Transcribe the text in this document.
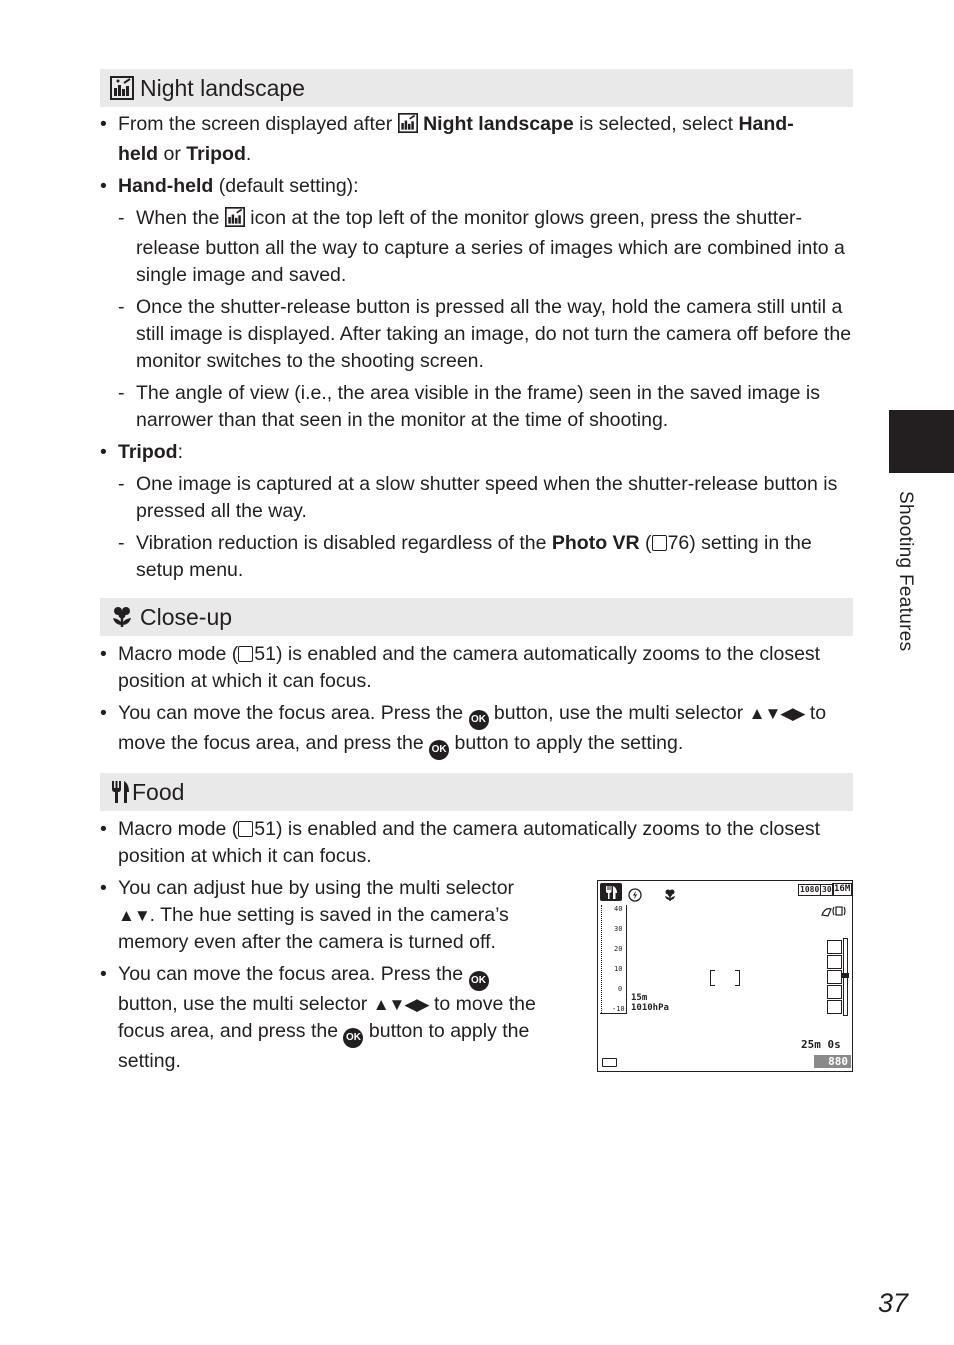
Night landscape
• From the screen displayed after  Night landscape is selected, select Hand-
held or Tripod.
• Hand-held (default setting):
- When the  icon at the top left of the monitor glows green, press the shutter-release button all the way to capture a series of images which are combined into a single image and saved.
- Once the shutter-release button is pressed all the way, hold the camera still until a still image is displayed. After taking an image, do not turn the camera off before the monitor switches to the shooting screen.
- The angle of view (i.e., the area visible in the frame) seen in the saved image is narrower than that seen in the monitor at the time of shooting.
• Tripod:
- One image is captured at a slow shutter speed when the shutter-release button is pressed all the way.
- Vibration reduction is disabled regardless of the Photo VR ( 76) setting in the setup menu.
Close-up
• Macro mode ( 51) is enabled and the camera automatically zooms to the closest position at which it can focus.
• You can move the focus area. Press the OK button, use the multi selector ▲▼◀▶ to move the focus area, and press the OK button to apply the setting.
Food
• Macro mode ( 51) is enabled and the camera automatically zooms to the closest position at which it can focus.
• You can adjust hue by using the multi selector ▲▼. The hue setting is saved in the camera’s memory even after the camera is turned off.
• You can move the focus area. Press the OK button, use the multi selector ▲▼◀▶ to move the focus area, and press the OK button to apply the setting.
1080 30 16M
40
30
20
10
0
-10
15m
1010hPa
25m 0s
880
Shooting Features
37
